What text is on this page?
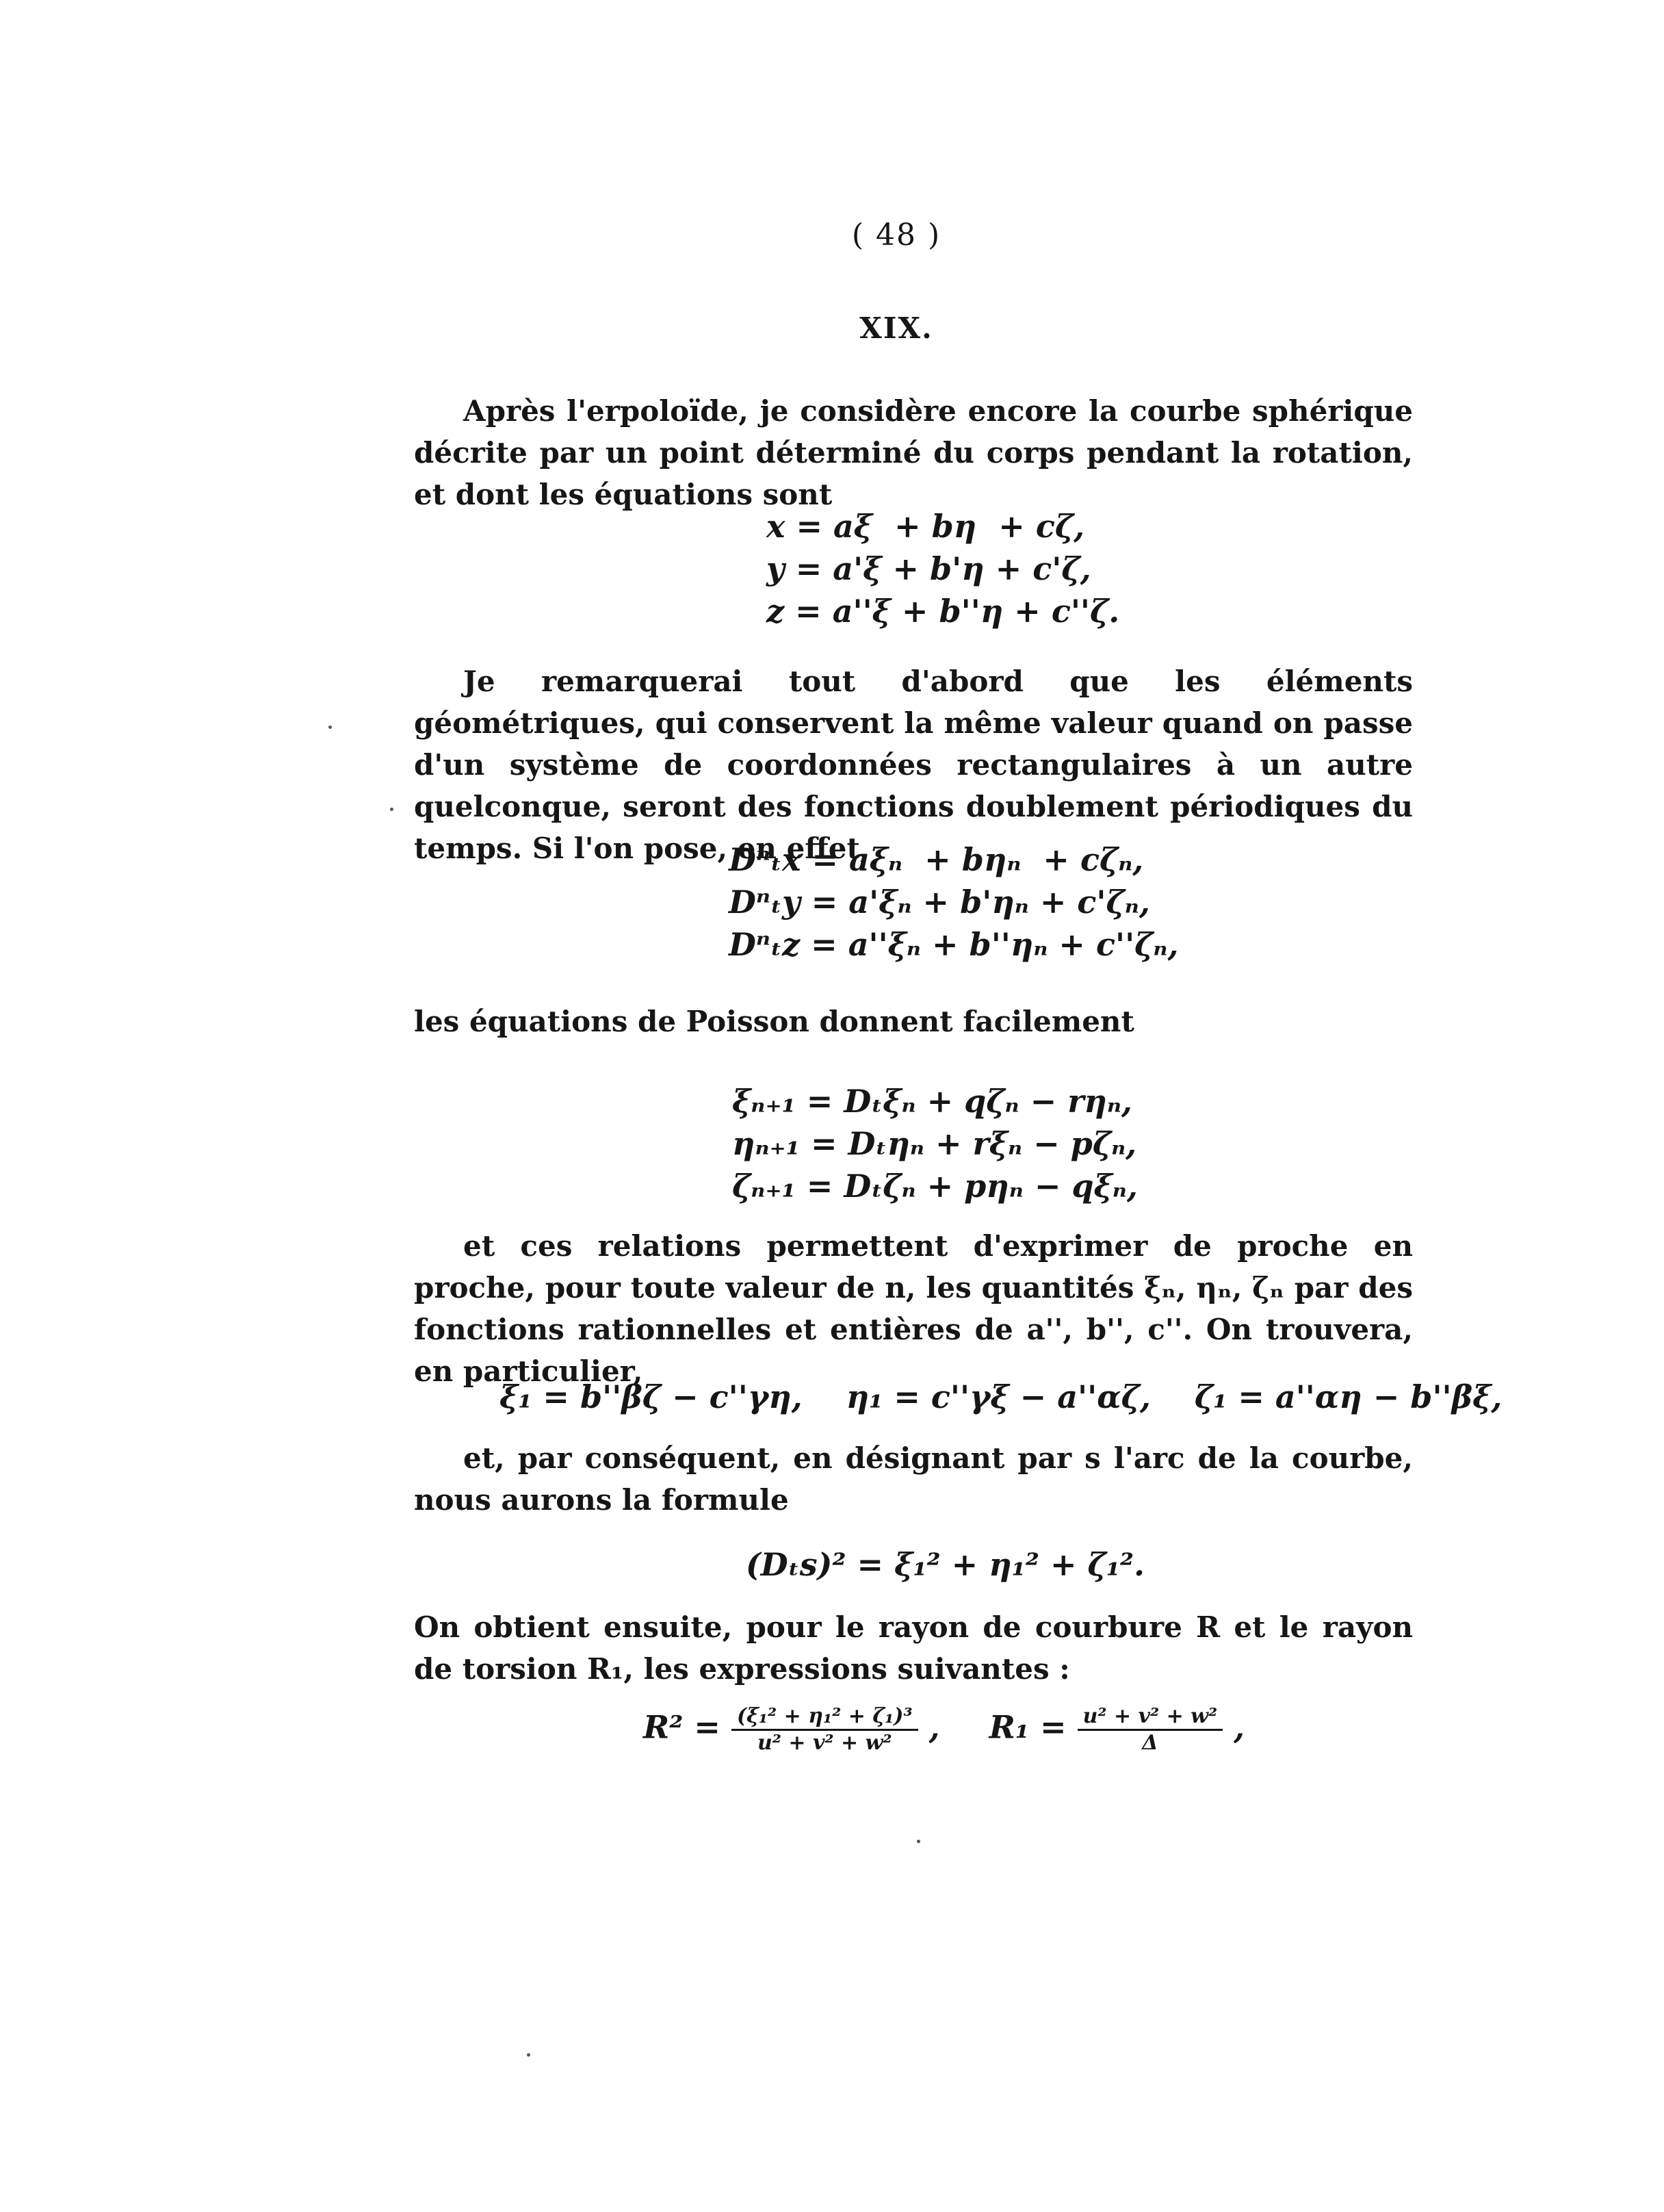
( 48 )
XIX.

Après l'erpoloïde, je considère encore la courbe sphérique décrite par un point déterminé du corps pendant la rotation, et dont les équations sont

x = aξ  + bη  + cζ,
y = a'ξ + b'η + c'ζ,
z = a''ξ + b''η + c''ζ.

Je remarquerai tout d'abord que les éléments géométriques, qui conservent la même valeur quand on passe d'un système de coordonnées rectangulaires à un autre quelconque, seront des fonctions doublement périodiques du temps. Si l'on pose, en effet,

Dⁿₜx = aξₙ  + bηₙ  + cζₙ,
Dⁿₜy = a'ξₙ + b'ηₙ + c'ζₙ,
Dⁿₜz = a''ξₙ + b''ηₙ + c''ζₙ,

les équations de Poisson donnent facilement

ξₙ₊₁ = Dₜξₙ + qζₙ − rηₙ,
ηₙ₊₁ = Dₜηₙ + rξₙ − pζₙ,
ζₙ₊₁ = Dₜζₙ + pηₙ − qξₙ,

et ces relations permettent d'exprimer de proche en proche, pour toute valeur de n, les quantités ξₙ, ηₙ, ζₙ par des fonctions rationnelles et entières de a'', b'', c''. On trouvera, en particulier,

ξ₁ = b''βζ − c''γη,    η₁ = c''γξ − a''αζ,    ζ₁ = a''αη − b''βξ,

et, par conséquent, en désignant par s l'arc de la courbe, nous aurons la formule

(Dₜs)² = ξ₁² + η₁² + ζ₁².

On obtient ensuite, pour le rayon de courbure R et le rayon de torsion R₁, les expressions suivantes :

$R^2 = \frac{\text{(ξ₁² + η₁² + ζ₁)³}}{\text{u² + v² + w²}}$ , $R_1 = \frac{\text{u² + v² + w²}}{\Delta}$ ,
